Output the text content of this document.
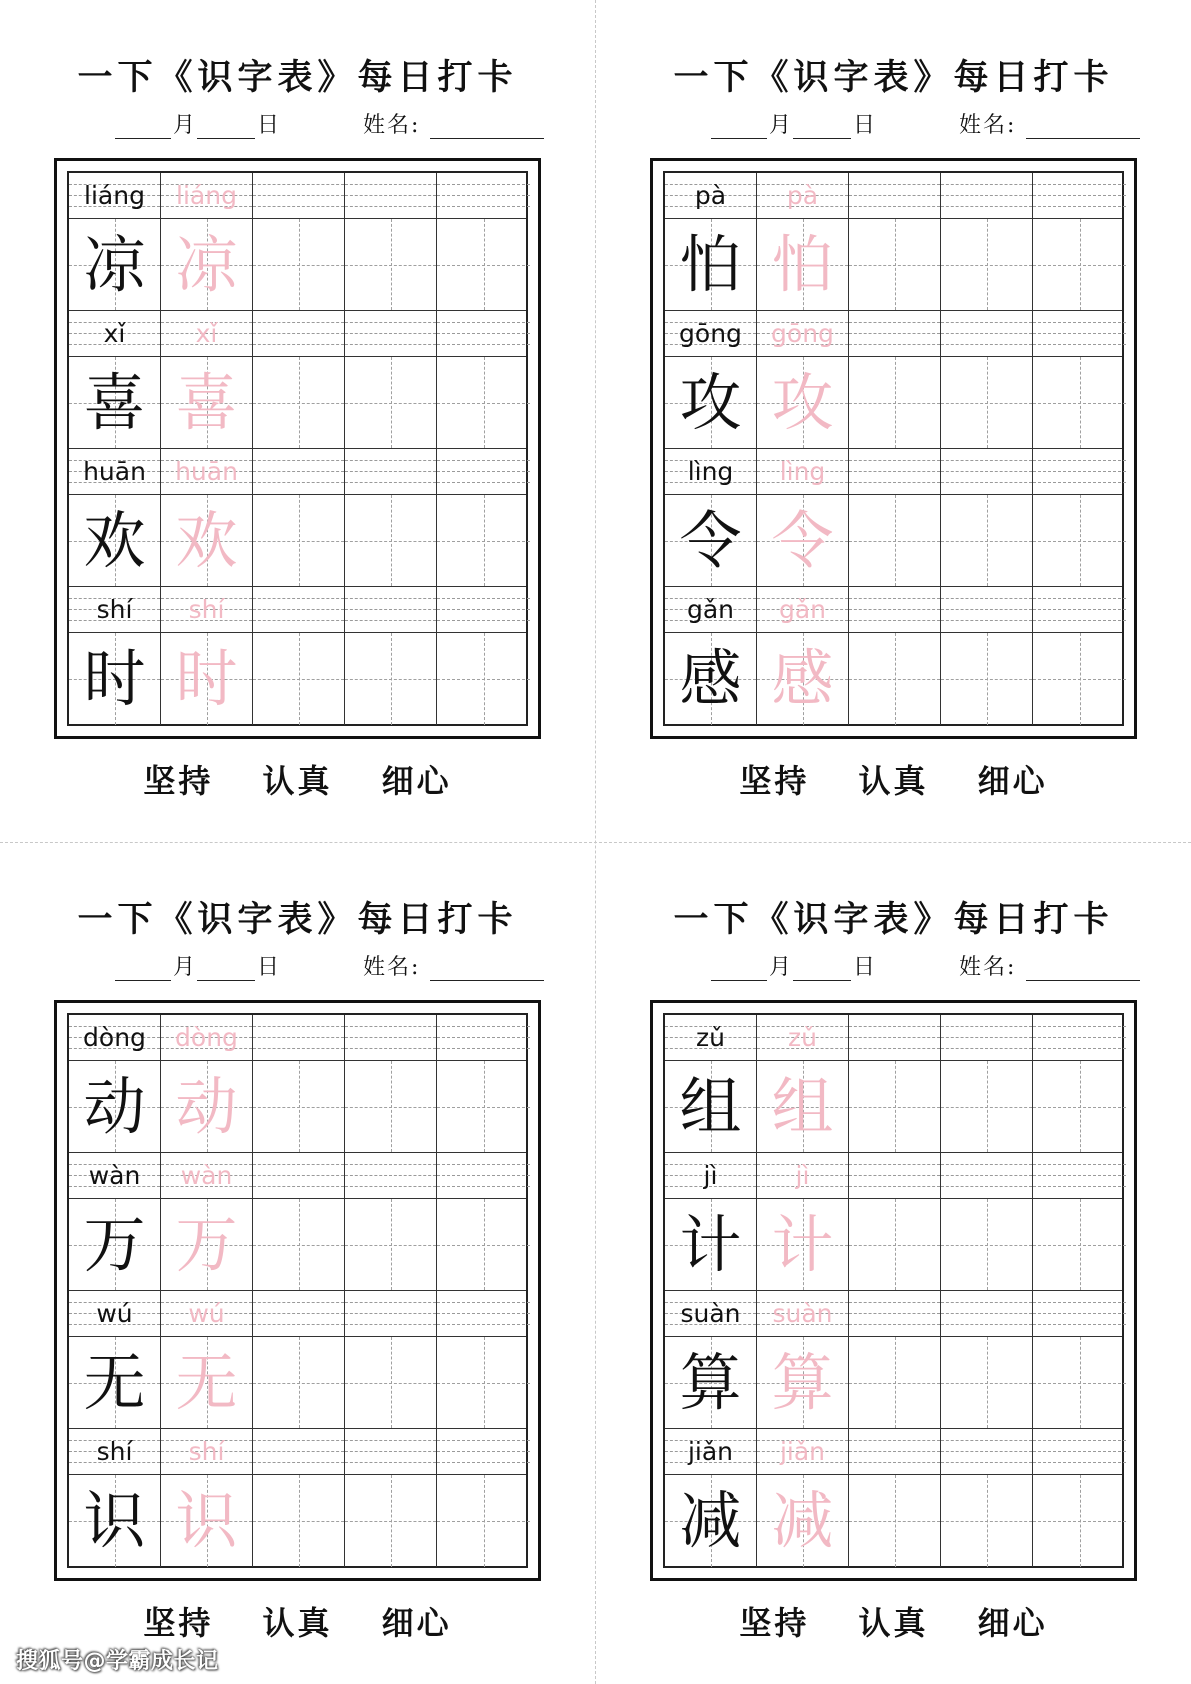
一下《识字表》每日打卡
月	日	姓名:
liáng	liáng
凉 凉
xǐ	xǐ
喜 喜
huān	huān
欢 欢
shí	shí
时 时
坚持 认真 细心
一下《识字表》每日打卡
月	日	姓名:
pà	pà
怕 怕
gōng	gōng
攻 攻
lìng	lìng
令 令
gǎn	gǎn
感 感
坚持 认真 细心
一下《识字表》每日打卡
月	日	姓名:
dòng	dòng
动 动
wàn	wàn
万 万
wú	wú
无 无
shí	shí
识 识
坚持 认真 细心
一下《识字表》每日打卡
月	日	姓名:
zǔ	zǔ
组 组
jì	jì
计 计
suàn	suàn
算 算
jiǎn	jiǎn
减 减
坚持 认真 细心
搜狐号@学霸成长记
